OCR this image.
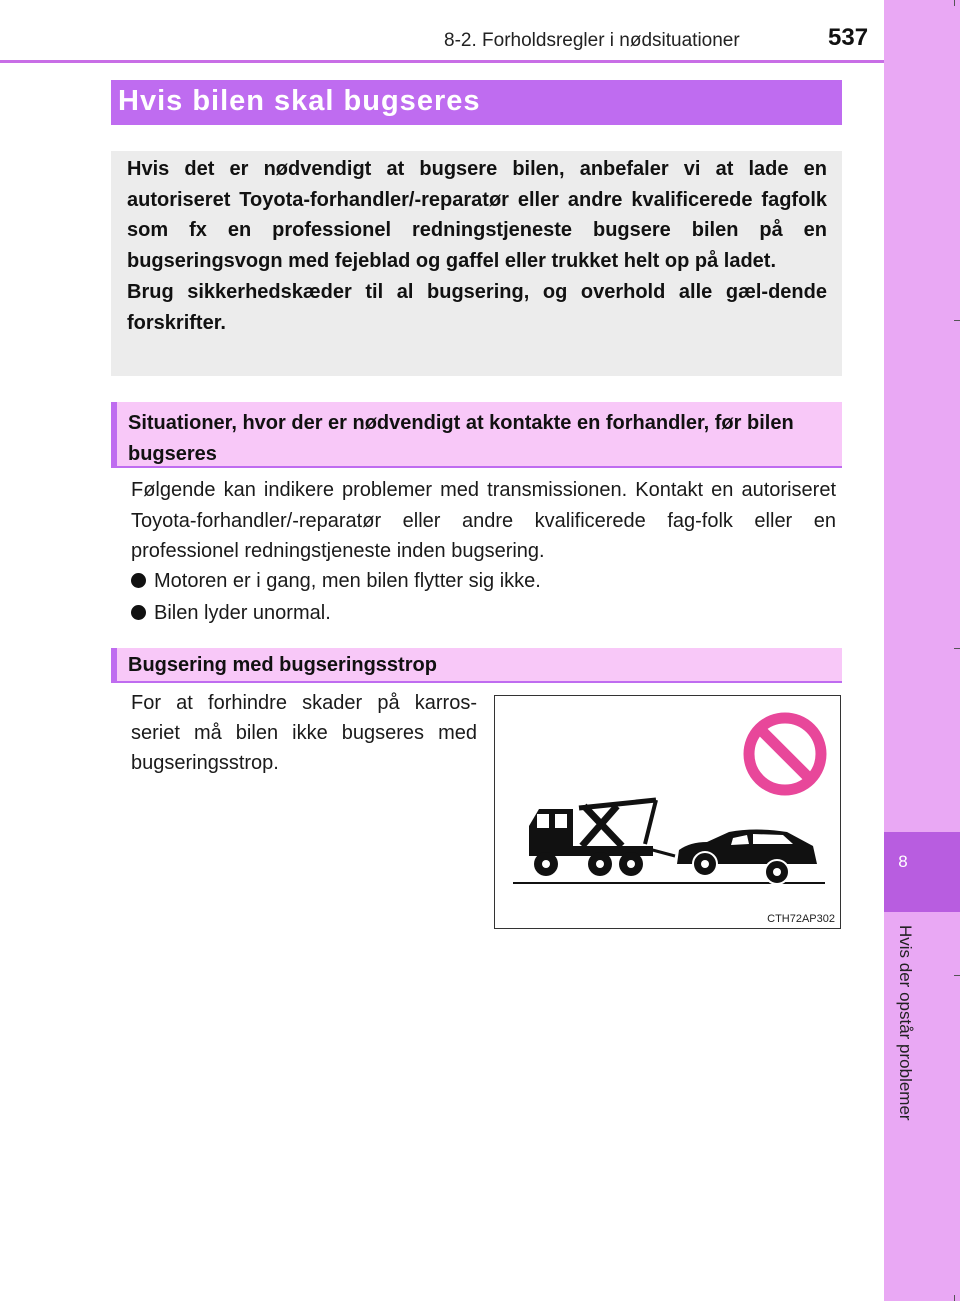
8-2. Forholdsregler i nødsituationer	537
8
Hvis der opstår problemer
Hvis bilen skal bugseres

Hvis det er nødvendigt at bugsere bilen, anbefaler vi at lade en autoriseret Toyota-forhandler/-reparatør eller andre kvalificerede fagfolk som fx en professionel redningstjeneste bugsere bilen på en bugseringsvogn med fejeblad og gaffel eller trukket helt op på ladet.

Brug sikkerhedskæder til al bugsering, og overhold alle gæl-dende forskrifter.

Situationer, hvor der er nødvendigt at kontakte en forhandler, før bilen bugseres
Følgende kan indikere problemer med transmissionen. Kontakt en autoriseret Toyota-forhandler/-reparatør eller andre kvalificerede fag-folk eller en professionel redningstjeneste inden bugsering.
Motoren er i gang, men bilen flytter sig ikke.
Bilen lyder unormal.
Bugsering med bugseringsstrop
For at forhindre skader på karros-seriet må bilen ikke bugseres med bugseringsstrop.
CTH72AP302
